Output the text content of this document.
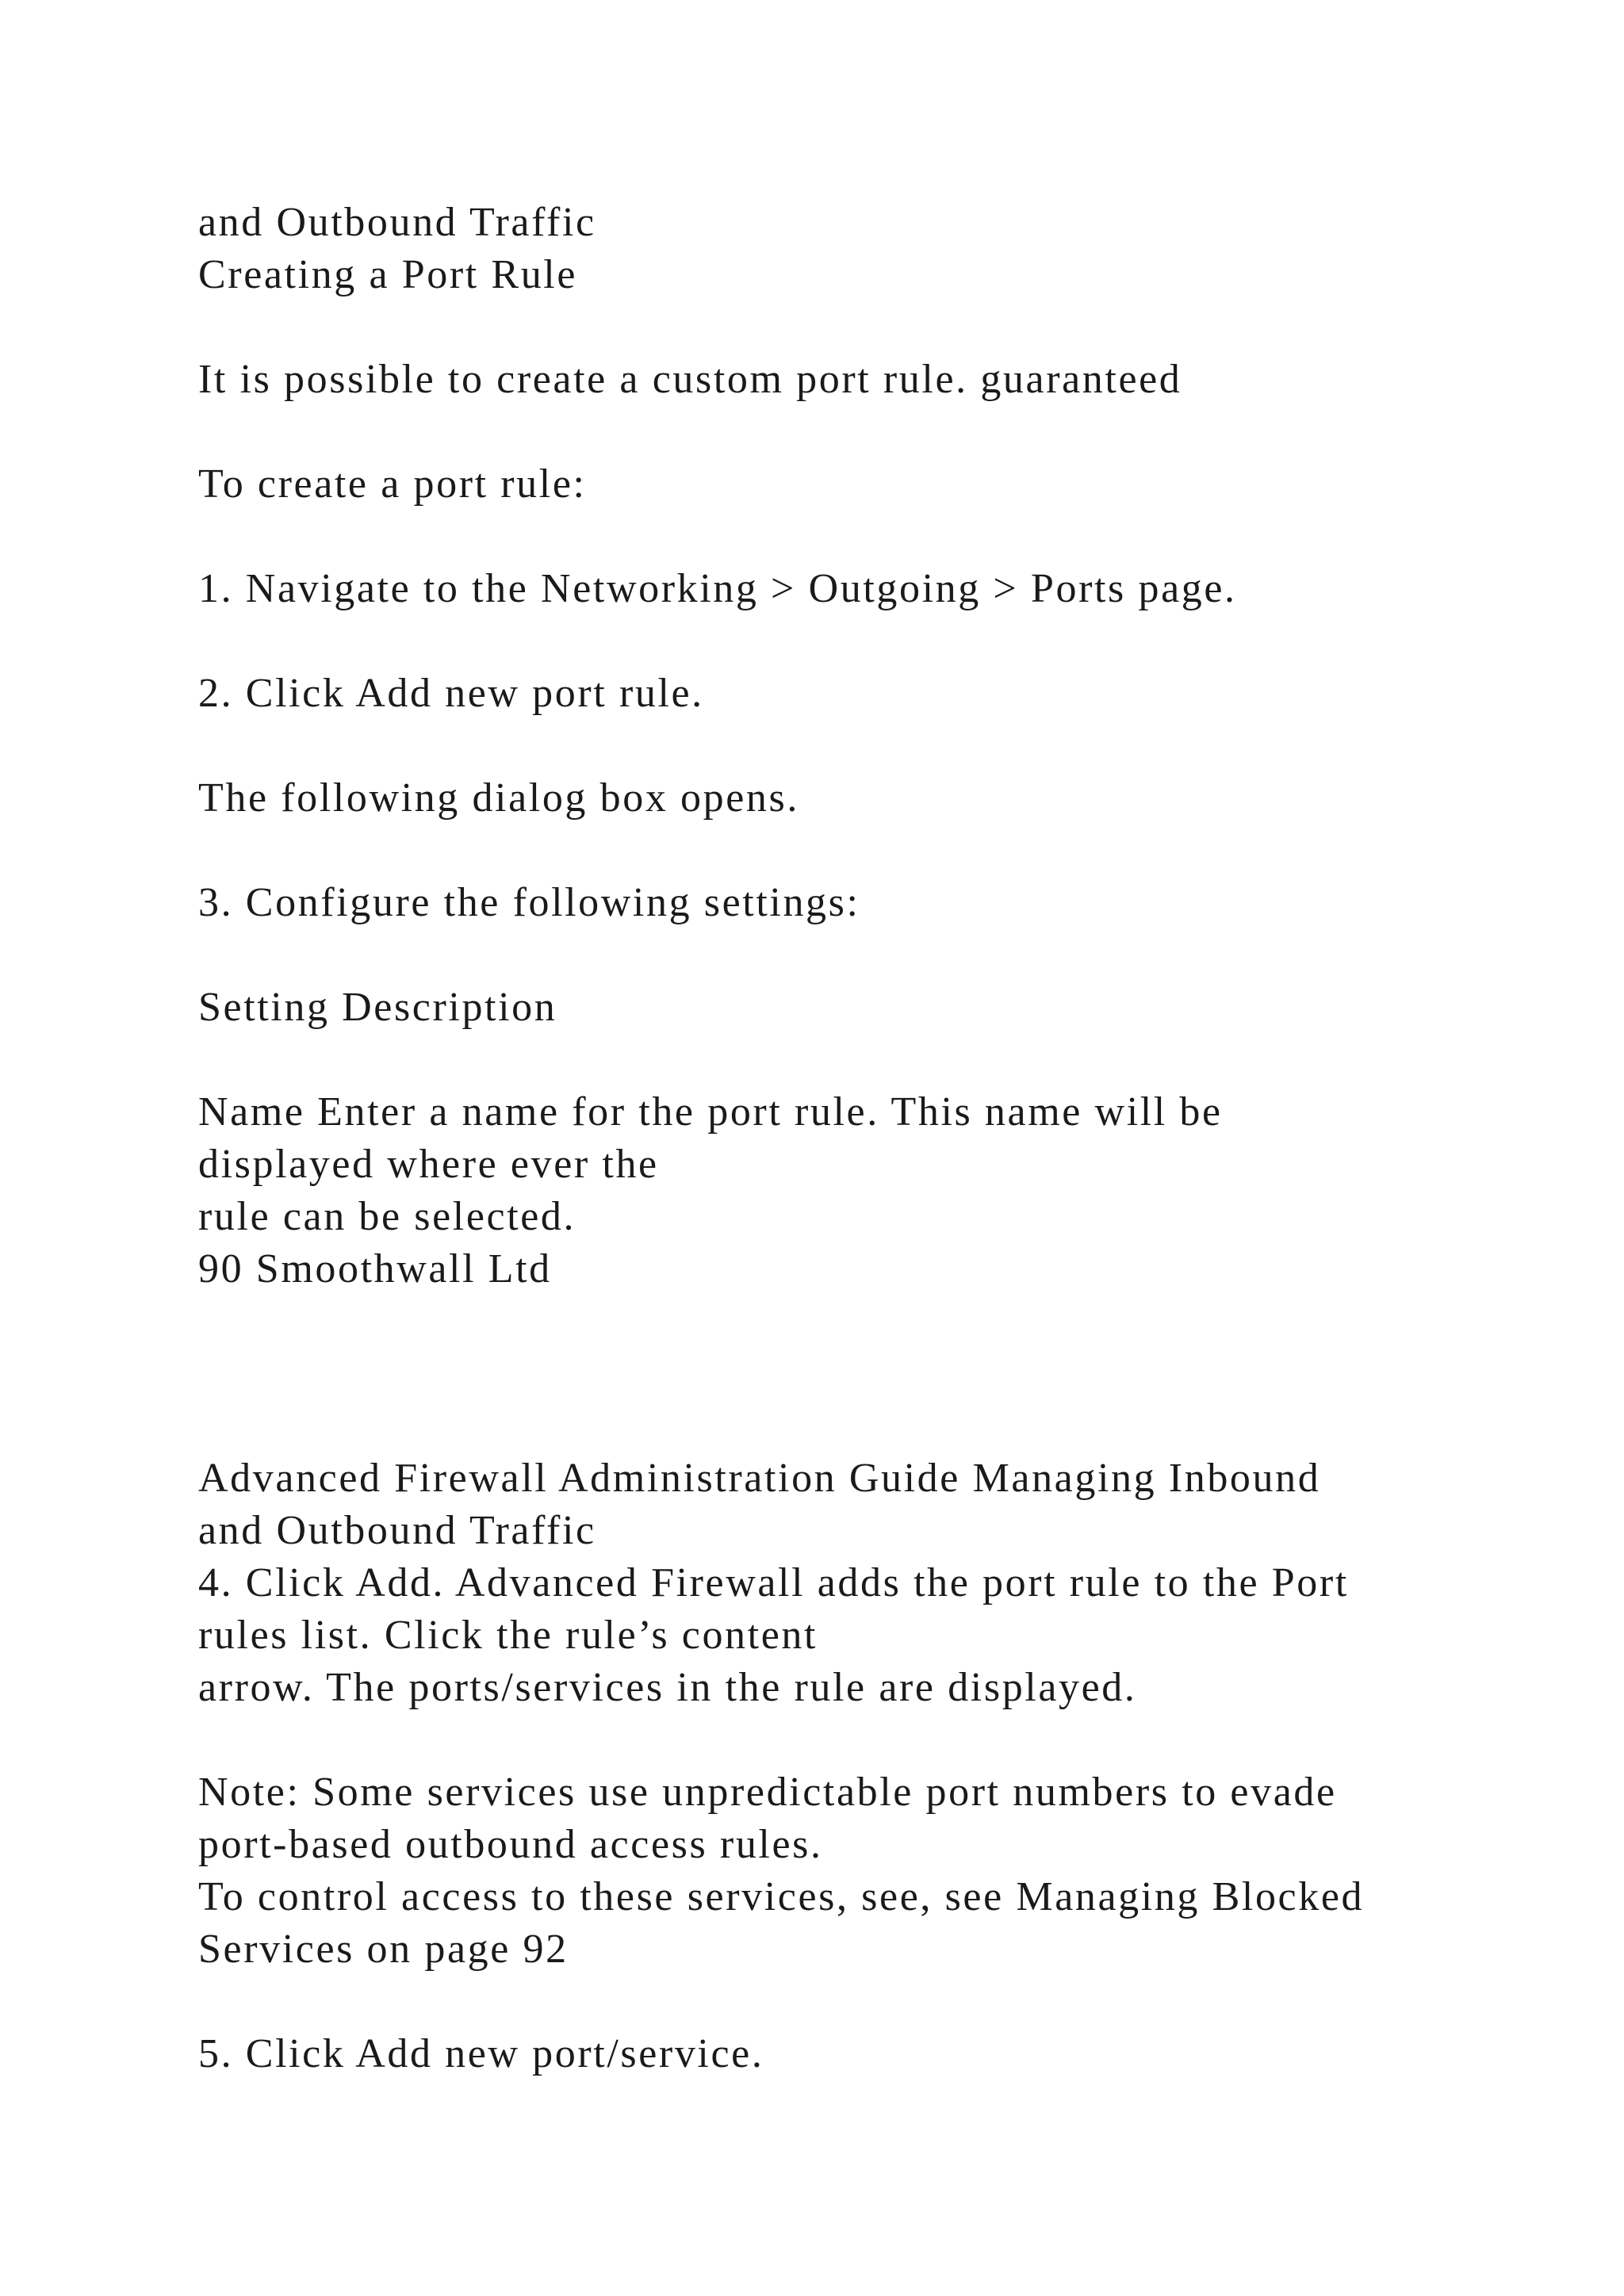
and Outbound Traffic
Creating a Port Rule
It is possible to create a custom port rule. guaranteed
To create a port rule:
1. Navigate to the Networking > Outgoing > Ports page.
2. Click Add new port rule.
The following dialog box opens.
3. Configure the following settings:
Setting Description
Name Enter a name for the port rule. This name will be
displayed where ever the
rule can be selected.
90 Smoothwall Ltd
Advanced Firewall Administration Guide Managing Inbound
and Outbound Traffic
4. Click Add. Advanced Firewall adds the port rule to the Port
rules list. Click the rule’s content
arrow. The ports/services in the rule are displayed.
Note: Some services use unpredictable port numbers to evade
port-based outbound access rules.
To control access to these services, see, see Managing Blocked
Services on page 92
5. Click Add new port/service.
